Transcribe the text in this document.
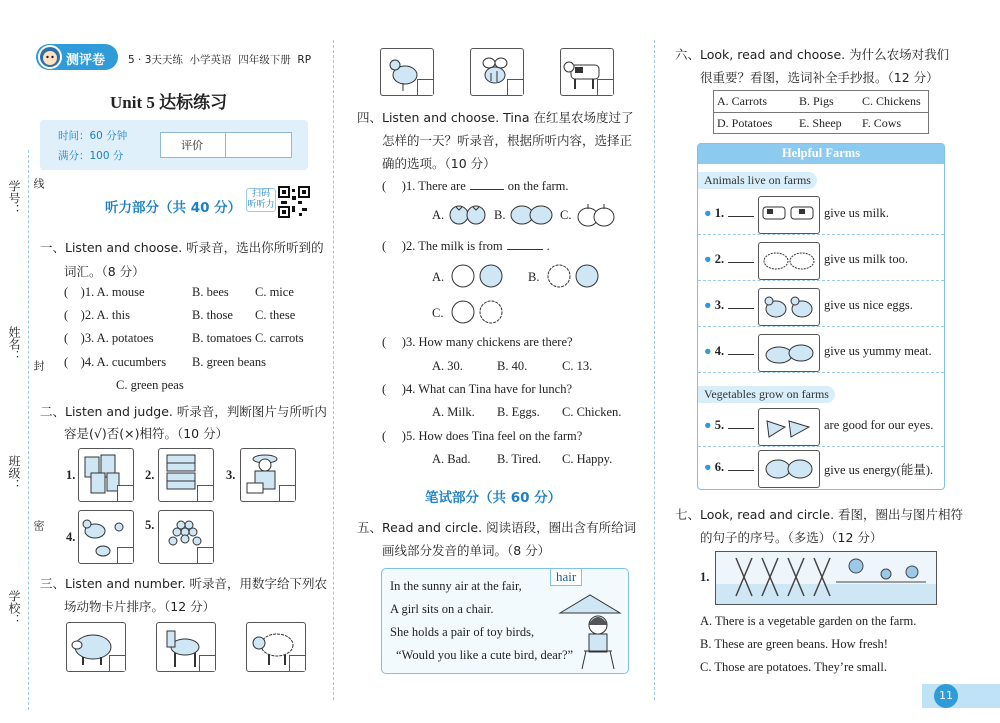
学号： 线
姓名：
封
班级：
密
学校：
测评卷 5 · 3天天练  小学英语  四年级下册  RP
Unit 5 达标练习
时间：60 分钟
满分：100 分
评价
听力部分（共 40 分）
扫码 听听力
一、Listen and choose. 听录音，选出你所听到的
词汇。（8 分）
(    )1. A. mouse	B. bees C. mice
(    )2. A. this	B. those C. these
(    )3. A. potatoes	B. tomatoes C. carrots
(    )4. A. cucumbers B. green beans
C. green peas
二、Listen and judge. 听录音，判断图片与所听内
容是(√)否(×)相符。（10 分）
1.	2.	3.
4.
5.
三、Listen and number. 听录音，用数字给下列农
场动物卡片排序。（12 分）
四、Listen and choose. Tina 在红星农场度过了
怎样的一天？听录音，根据所听内容，选择正
确的选项。（10 分）
(     )1. There are	on the farm.
A.	B.	C.
(     )2. The milk is from	.
A.	B.
C.
(     )3. How many chickens are there?
A. 30.	B. 40.	C. 13.
(     )4. What can Tina have for lunch?
A. Milk. B. Eggs. C. Chicken.
(     )5. How does Tina feel on the farm?
A. Bad. B. Tired. C. Happy.
笔试部分（共 60 分）
五、Read and circle. 阅读语段，圈出含有所给词
画线部分发音的单词。（8 分）
In the sunny air at the fair,
A girl sits on a chair.
She holds a pair of toy birds,
“Would you like a cute bird, dear?”
hair
六、Look, read and choose. 为什么农场对我们
很重要？看图，选词补全手抄报。（12 分）
A. Carrots	B. Pigs C. Chickens
D. Potatoes E. Sheep F. Cows
Helpful Farms
Animals live on farms
● 1.	give us milk.
● 2.	give us milk too.
● 3.	give us nice eggs.
● 4.	give us yummy meat.
Vegetables grow on farms
● 5.	are good for our eyes.
● 6.	give us energy(能量).
七、Look, read and circle. 看图，圈出与图片相符
的句子的序号。（多选）（12 分）
1.
A. There is a vegetable garden on the farm.
B. These are green beans. How fresh!
C. Those are potatoes. They’re small.
11
